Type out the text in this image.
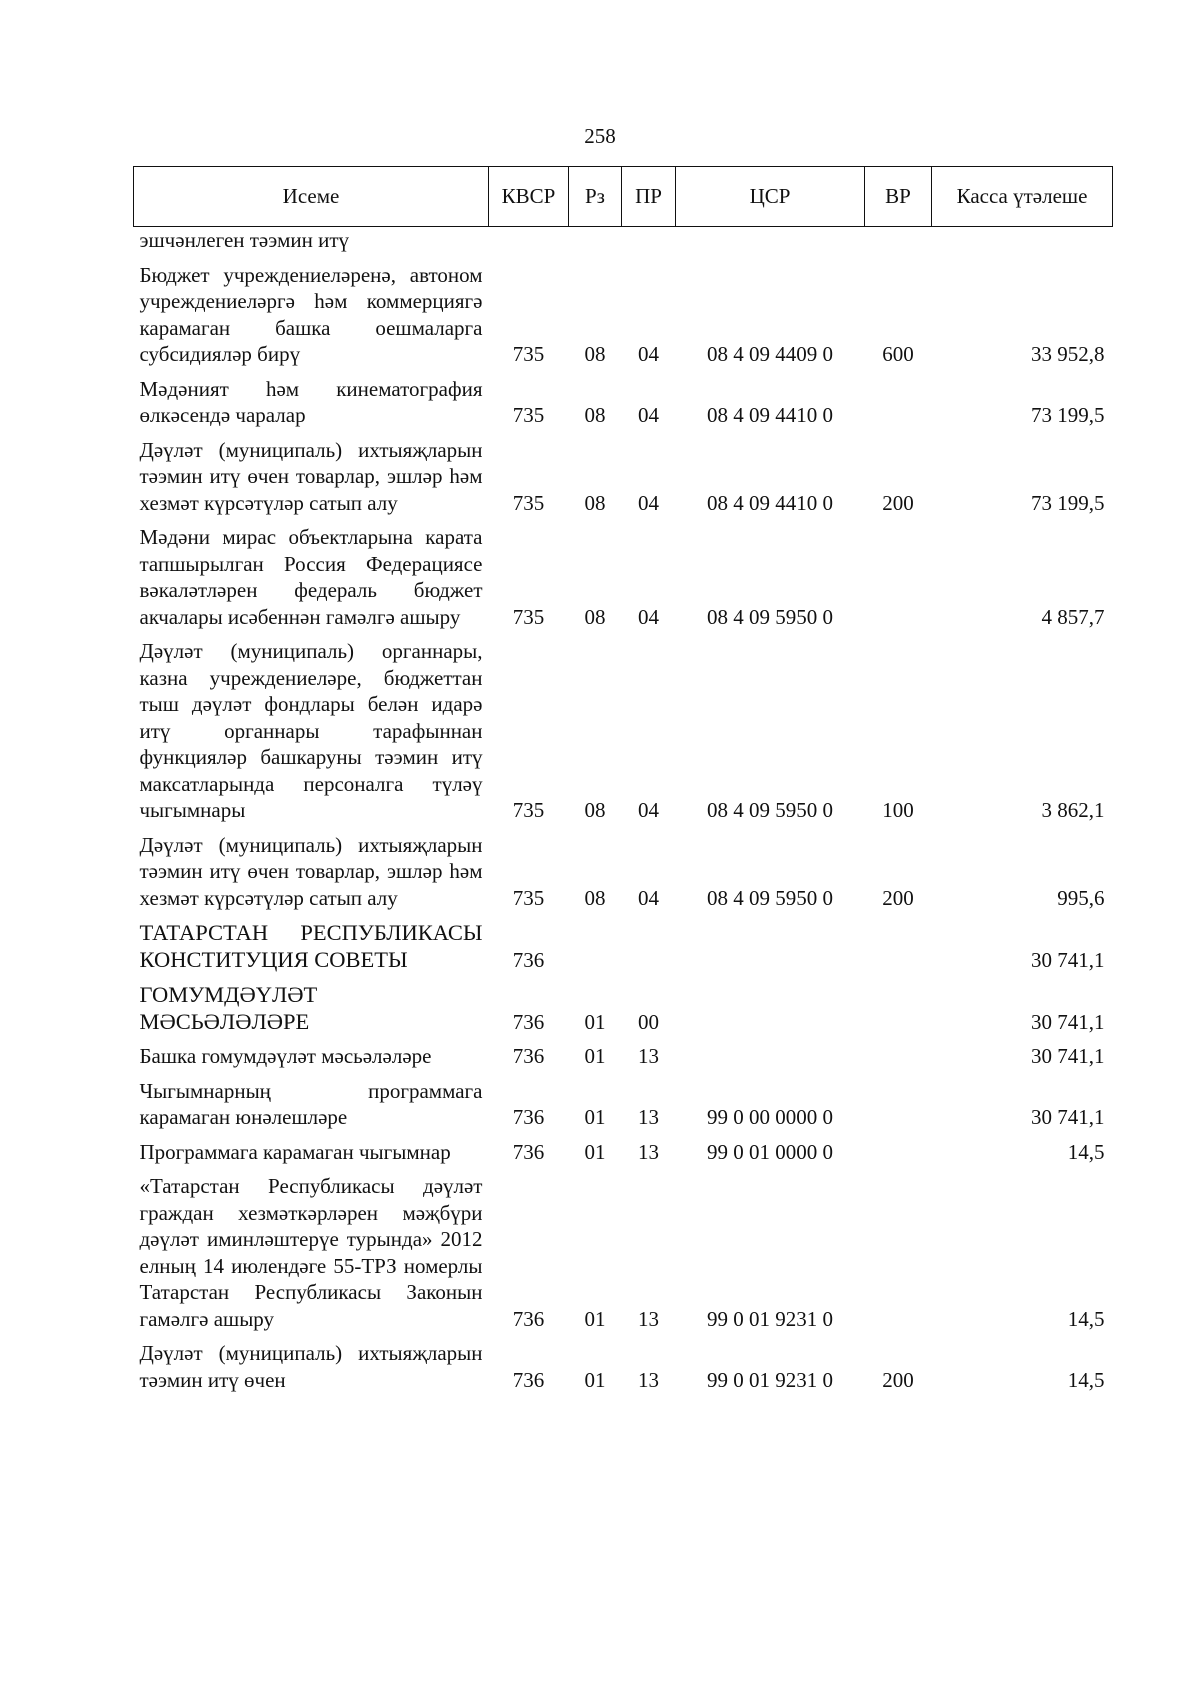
258
Исеме	КВСР	Рз	ПР	ЦСР	ВР	Касса үтәлеше
эшчәнлеген тәэмин итү						
Бюджет учреждениеләренә, автоном учреждениеләргә һәм коммерциягә карамаган башка оешмаларга субсидияләр бирү	735	08	04	08 4 09 4409 0	600	33 952,8
Мәдәният һәм кинематография өлкәсендә чаралар	735	08	04	08 4 09 4410 0		73 199,5
Дәүләт (муниципаль) ихтыяҗларын тәэмин итү өчен товарлар, эшләр һәм хезмәт күрсәтүләр сатып алу	735	08	04	08 4 09 4410 0	200	73 199,5
Мәдәни мирас объектларына карата тапшырылган Россия Федерациясе вәкаләтләрен федераль бюджет акчалары исәбеннән гамәлгә ашыру	735	08	04	08 4 09 5950 0		4 857,7
Дәүләт (муниципаль) органнары, казна учреждениеләре, бюджеттан тыш дәүләт фондлары белән идарә итү органнары тарафыннан функцияләр башкаруны тәэмин итү максатларында персоналга түләү чыгымнары	735	08	04	08 4 09 5950 0	100	3 862,1
Дәүләт (муниципаль) ихтыяҗларын тәэмин итү өчен товарлар, эшләр һәм хезмәт күрсәтүләр сатып алу	735	08	04	08 4 09 5950 0	200	995,6
ТАТАРСТАН РЕСПУБЛИКАСЫ КОНСТИТУЦИЯ СОВЕТЫ	736					30 741,1
ГОМУМДӘҮЛӘТ МӘСЬӘЛӘЛӘРЕ	736	01	00			30 741,1
Башка гомумдәүләт мәсьәләләре	736	01	13			30 741,1
Чыгымнарның программага карамаган юнәлешләре	736	01	13	99 0 00 0000 0		30 741,1
Программага карамаган чыгымнар	736	01	13	99 0 01 0000 0		14,5
«Татарстан Республикасы дәүләт граждан хезмәткәрләрен мәҗбүри дәүләт иминләштерүе турында» 2012 елның 14 июлендәге 55-ТРЗ номерлы Татарстан Республикасы Законын гамәлгә ашыру	736	01	13	99 0 01 9231 0		14,5
Дәүләт (муниципаль) ихтыяҗларын тәэмин итү өчен	736	01	13	99 0 01 9231 0	200	14,5
